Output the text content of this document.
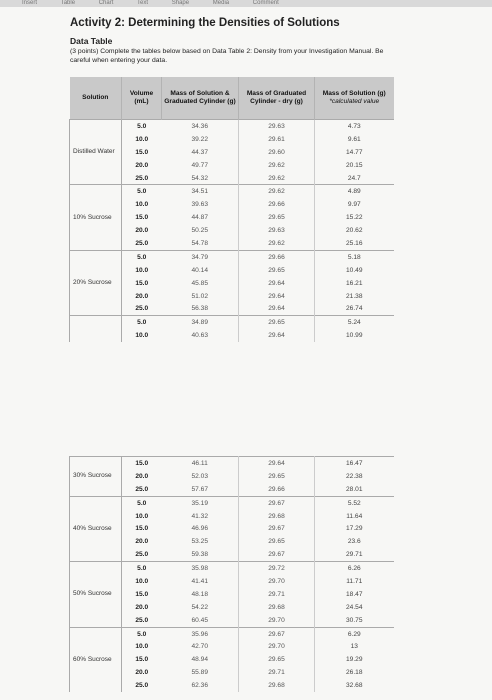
Insert	Table	Chart	Text	Shape	Media	Comment
Activity 2: Determining the Densities of Solutions
Data Table
(3 points) Complete the tables below based on Data Table 2: Density from your Investigation Manual. Be careful when entering your data.
Solution	Volume (mL)	Mass of Solution & Graduated Cylinder (g)	Mass of Graduated Cylinder - dry (g)	Mass of Solution (g)
*calculated value
Distilled Water	5.0	34.36	29.63	4.73
	10.0	39.22	29.61	9.61
	15.0	44.37	29.60	14.77
	20.0	49.77	29.62	20.15
	25.0	54.32	29.62	24.7
10% Sucrose	5.0	34.51	29.62	4.89
	10.0	39.63	29.66	9.97
	15.0	44.87	29.65	15.22
	20.0	50.25	29.63	20.62
	25.0	54.78	29.62	25.16
20% Sucrose	5.0	34.79	29.66	5.18
	10.0	40.14	29.65	10.49
	15.0	45.85	29.64	16.21
	20.0	51.02	29.64	21.38
	25.0	56.38	29.64	26.74
	5.0	34.89	29.65	5.24
	10.0	40.63	29.64	10.99
30% Sucrose	15.0	46.11	29.64	16.47
	20.0	52.03	29.65	22.38
	25.0	57.67	29.66	28.01
40% Sucrose	5.0	35.19	29.67	5.52
	10.0	41.32	29.68	11.64
	15.0	46.96	29.67	17.29
	20.0	53.25	29.65	23.6
	25.0	59.38	29.67	29.71
50% Sucrose	5.0	35.98	29.72	6.26
	10.0	41.41	29.70	11.71
	15.0	48.18	29.71	18.47
	20.0	54.22	29.68	24.54
	25.0	60.45	29.70	30.75
60% Sucrose	5.0	35.96	29.67	6.29
	10.0	42.70	29.70	13
	15.0	48.94	29.65	19.29
	20.0	55.89	29.71	26.18
	25.0	62.36	29.68	32.68
